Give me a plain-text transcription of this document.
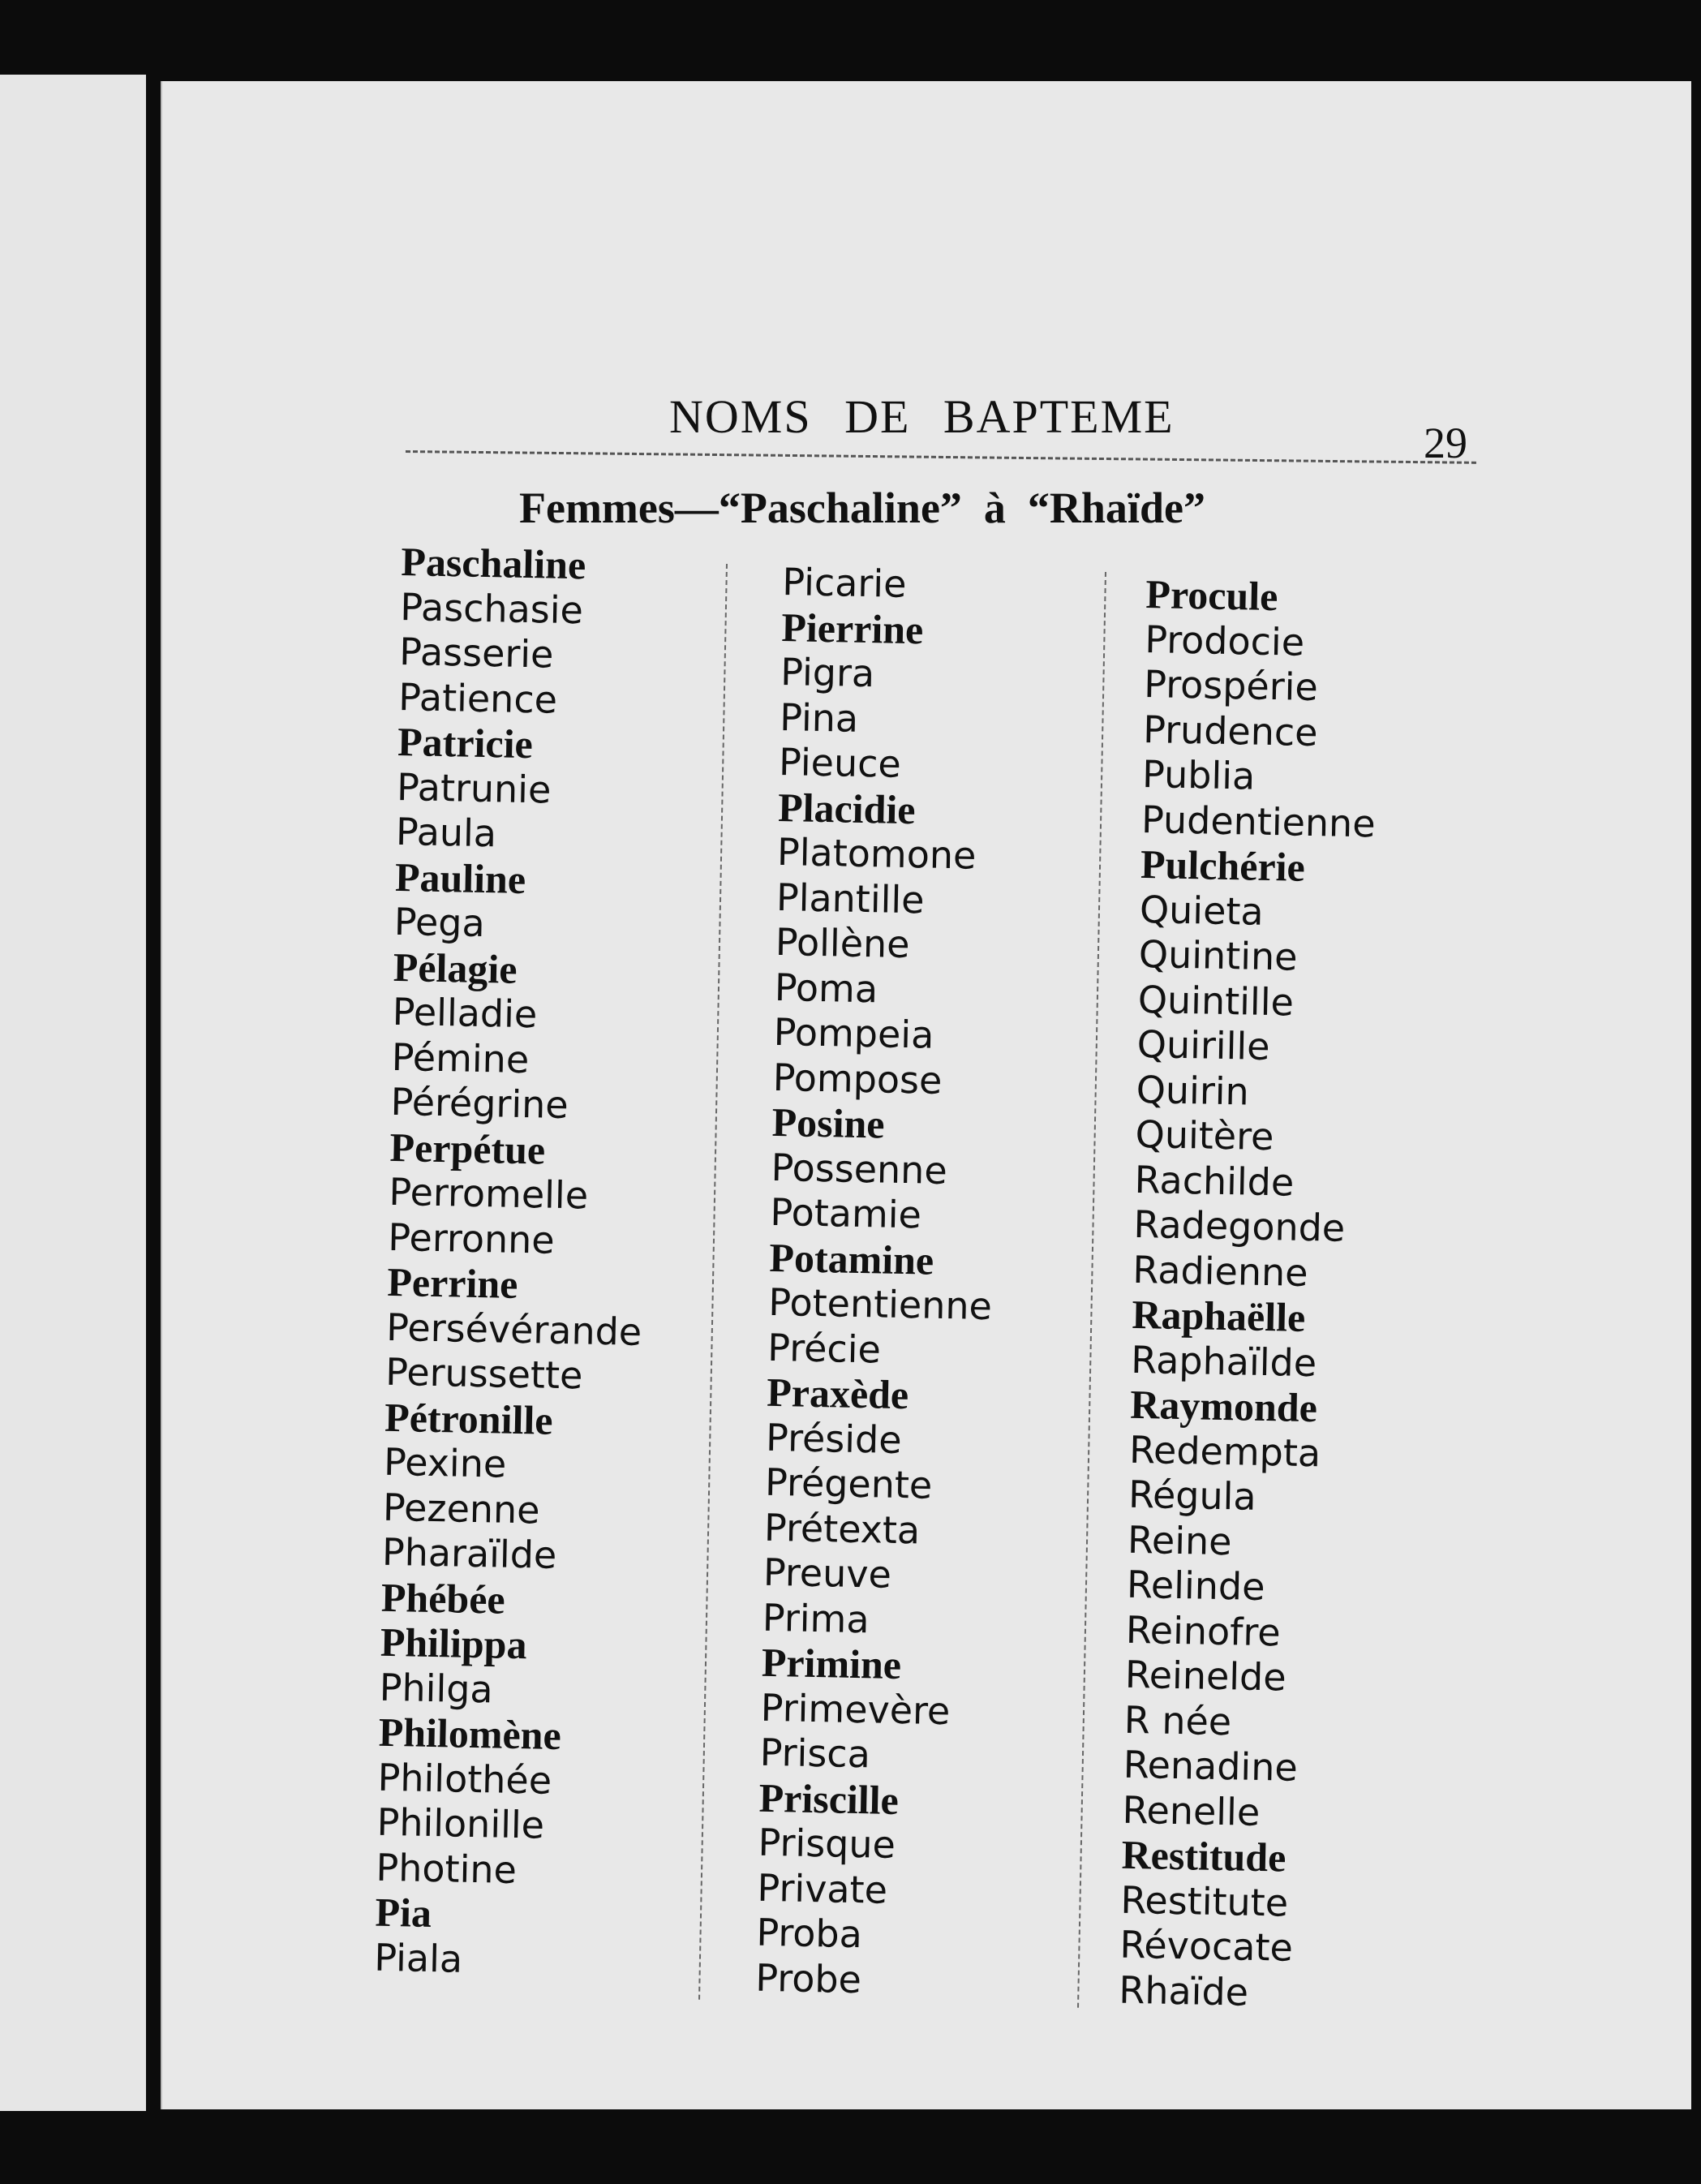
NOMS DE BAPTEME	29
Femmes—“Paschaline”  à  “Rhaïde”
Paschaline
Paschasie
Passerie
Patience
Patricie
Patrunie
Paula
Pauline
Pega
Pélagie
Pelladie
Pémine
Pérégrine
Perpétue
Perromelle
Perronne
Perrine
Persévérande
Perussette
Pétronille
Pexine
Pezenne
Pharaïlde
Phébée
Philippa
Philga
Philomène
Philothée
Philonille
Photine
Pia
Piala
Picarie
Pierrine
Pigra
Pina
Pieuce
Placidie
Platomone
Plantille
Pollène
Poma
Pompeia
Pompose
Posine
Possenne
Potamie
Potamine
Potentienne
Précie
Praxède
Préside
Prégente
Prétexta
Preuve
Prima
Primine
Primevère
Prisca
Priscille
Prisque
Private
Proba
Probe
Procule
Prodocie
Prospérie
Prudence
Publia
Pudentienne
Pulchérie
Quieta
Quintine
Quintille
Quirille
Quirin
Quitère
Rachilde
Radegonde
Radienne
Raphaëlle
Raphaïlde
Raymonde
Redempta
Régula
Reine
Relinde
Reinofre
Reinelde
R née
Renadine
Renelle
Restitude
Restitute
Révocate
Rhaïde
